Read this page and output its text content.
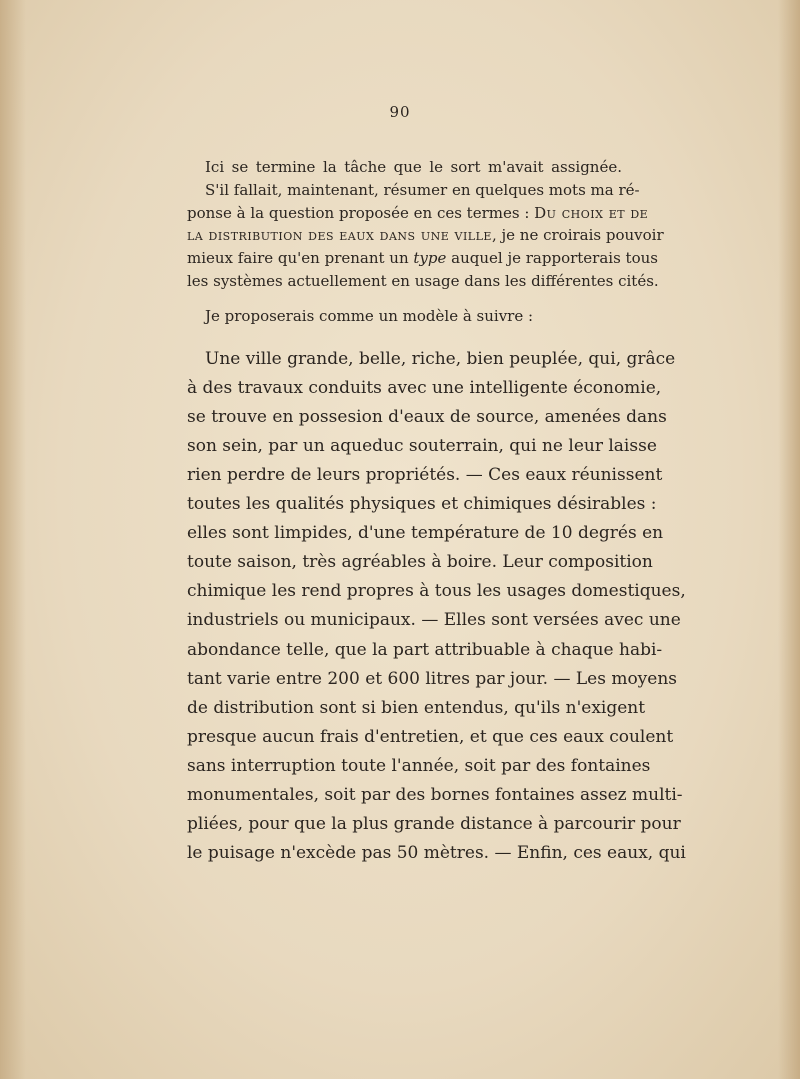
90
Ici se termine la tâche que le sort m'avait assignée.
S'il fallait, maintenant, résumer en quelques mots ma ré-
ponse à la question proposée en ces termes : Du choix et de
la distribution des eaux dans une ville, je ne croirais pouvoir
mieux faire qu'en prenant un type auquel je rapporterais tous
les systèmes actuellement en usage dans les différentes cités.
Je proposerais comme un modèle à suivre :
Une ville grande, belle, riche, bien peuplée, qui, grâce
à des travaux conduits avec une intelligente économie,
se trouve en possesion d'eaux de source, amenées dans
son sein, par un aqueduc souterrain, qui ne leur laisse
rien perdre de leurs propriétés. — Ces eaux réunissent
toutes les qualités physiques et chimiques désirables :
elles sont limpides, d'une température de 10 degrés en
toute saison, très agréables à boire. Leur composition
chimique les rend propres à tous les usages domestiques,
industriels ou municipaux. — Elles sont versées avec une
abondance telle, que la part attribuable à chaque habi-
tant varie entre 200 et 600 litres par jour. — Les moyens
de distribution sont si bien entendus, qu'ils n'exigent
presque aucun frais d'entretien, et que ces eaux coulent
sans interruption toute l'année, soit par des fontaines
monumentales, soit par des bornes fontaines assez multi-
pliées, pour que la plus grande distance à parcourir pour
le puisage n'excède pas 50 mètres. — Enfin, ces eaux, qui
